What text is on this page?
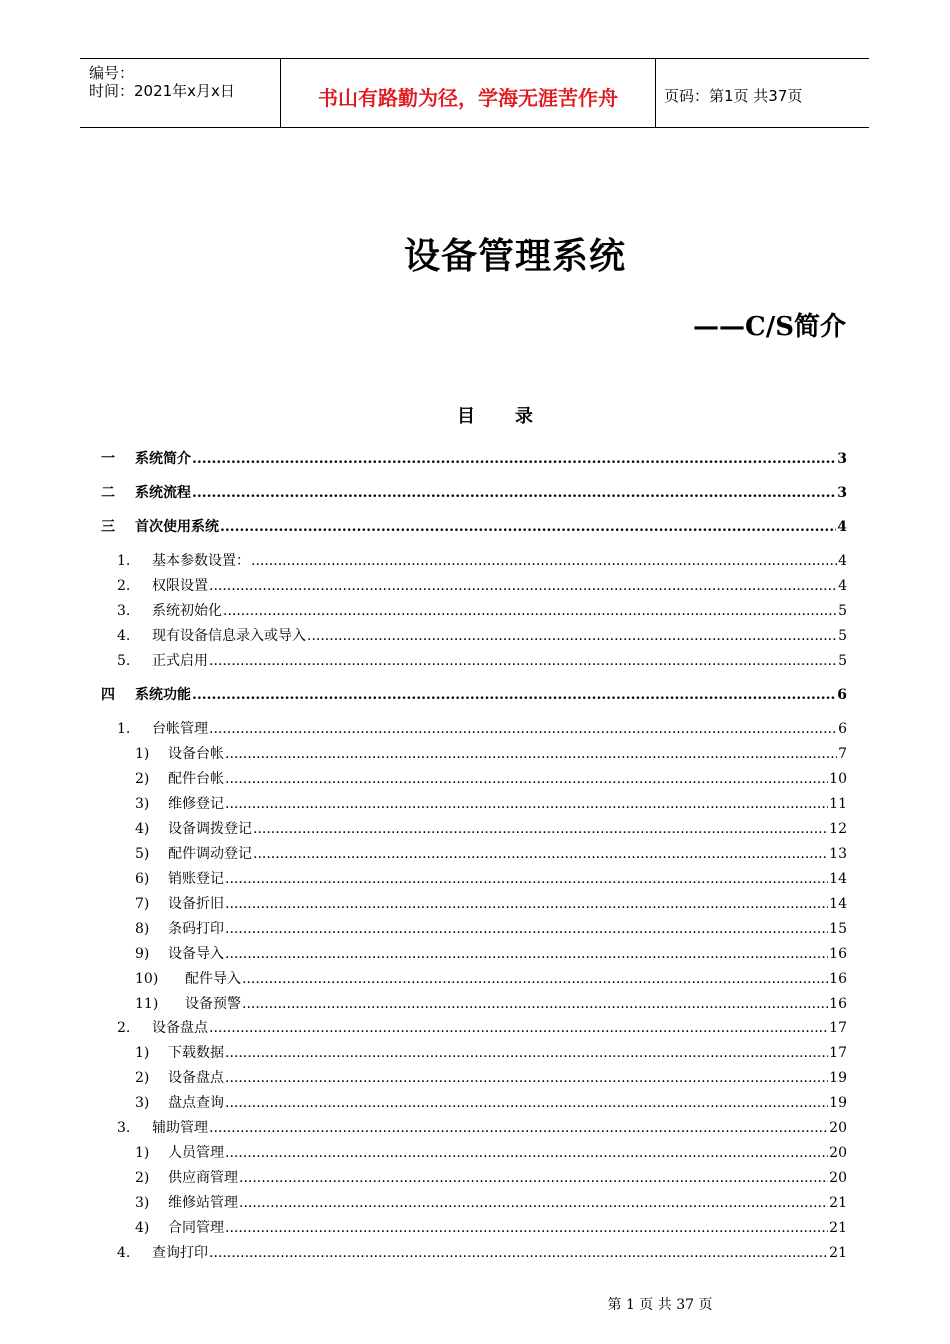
编号：
时间：2021年x月x日	书山有路勤为径，学海无涯苦作舟	页码：第1页 共37页
设备管理系统
——C/S简介
目录
一	系统简介 .....	3
二	系统流程 .....	3
三	首次使用系统 .....	4
1.	基本参数设置： .....	4
2.	权限设置 .....	4
3.	系统初始化 .....	5
4.	现有设备信息录入或导入 .....	5
5.	正式启用 .....	5
四	系统功能 .....	6
1.	台帐管理 .....	6
1)	设备台帐 .....	7
2)	配件台帐 .....	10
3)	维修登记 .....	11
4)	设备调拨登记 .....	12
5)	配件调动登记 .....	13
6)	销账登记 .....	14
7)	设备折旧 .....	14
8)	条码打印 .....	15
9)	设备导入 .....	16
10)	配件导入 .....	16
11)	设备预警 .....	16
2.	设备盘点 .....	17
1)	下载数据 .....	17
2)	设备盘点 .....	19
3)	盘点查询 .....	19
3.	辅助管理 .....	20
1)	人员管理 .....	20
2)	供应商管理 .....	20
3)	维修站管理 .....	21
4)	合同管理 .....	21
4.	查询打印 .....	21
第 1 页 共 37 页
